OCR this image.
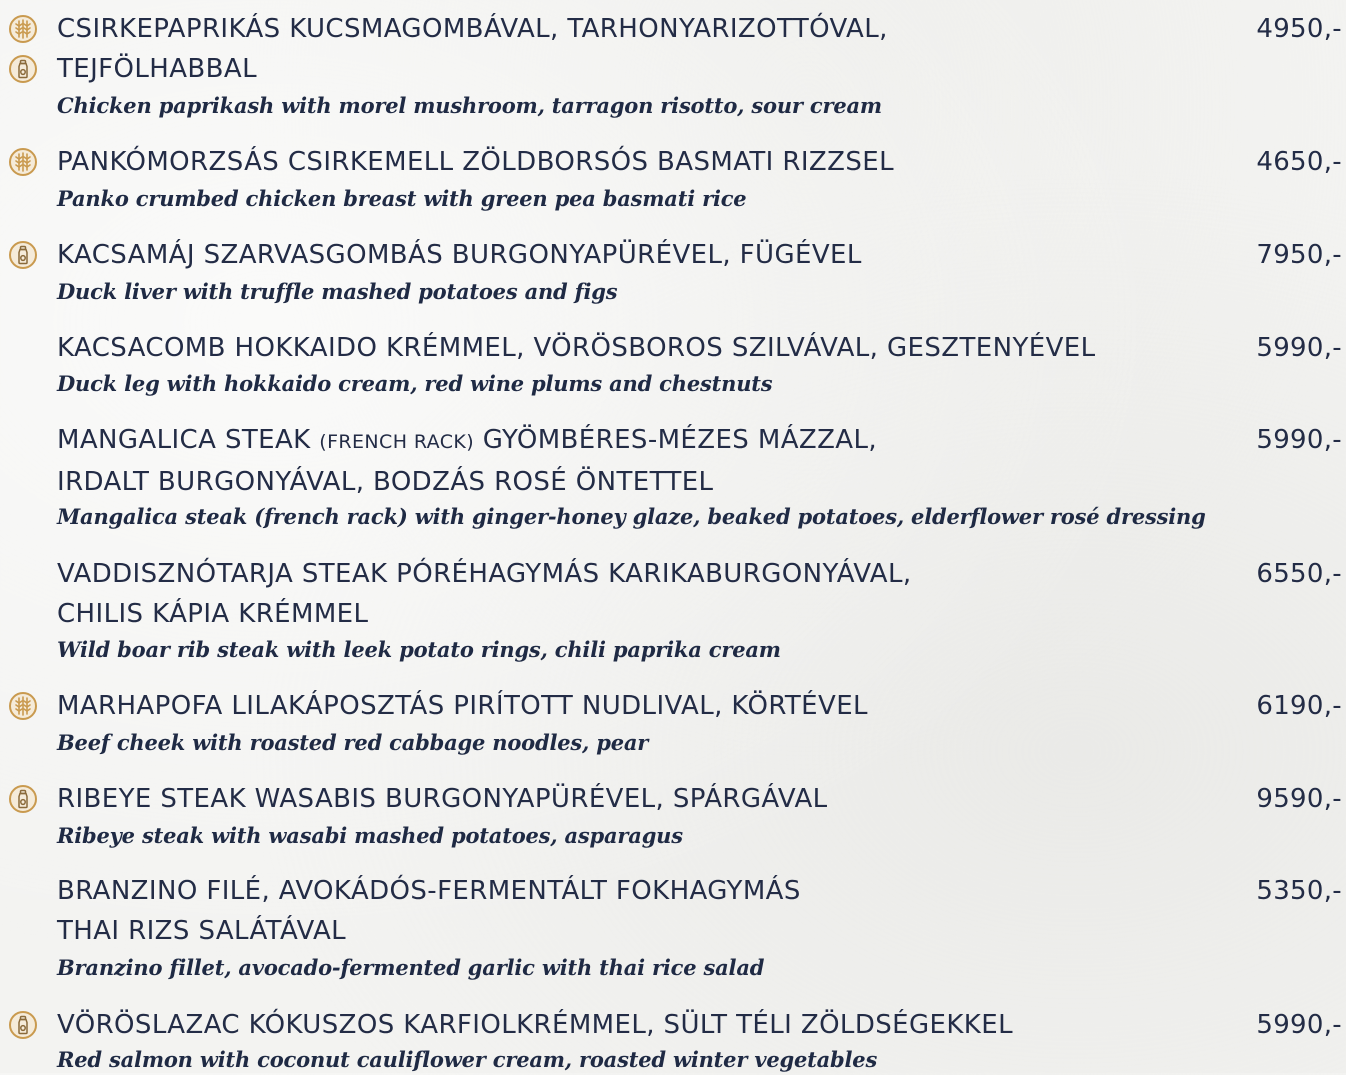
CSIRKEPAPRIKÁS KUCSMAGOMBÁVAL, TARHONYARIZOTTÓVAL,
TEJFÖLHABBAL
4950,-
Chicken paprikash with morel mushroom, tarragon risotto, sour cream
PANKÓMORZSÁS CSIRKEMELL ZÖLDBORSÓS BASMATI RIZZSEL	4650,-
Panko crumbed chicken breast with green pea basmati rice
KACSAMÁJ SZARVASGOMBÁS BURGONYAPÜRÉVEL, FÜGÉVEL	7950,-
Duck liver with truffle mashed potatoes and figs
KACSACOMB HOKKAIDO KRÉMMEL, VÖRÖSBOROS SZILVÁVAL, GESZTENYÉVEL	5990,-
Duck leg with hokkaido cream, red wine plums and chestnuts
MANGALICA STEAK (FRENCH RACK) GYÖMBÉRES-MÉZES MÁZZAL,
IRDALT BURGONYÁVAL, BODZÁS ROSÉ ÖNTETTEL
5990,-
Mangalica steak (french rack) with ginger-honey glaze, beaked potatoes, elderflower rosé dressing
VADDISZNÓTARJA STEAK PÓRÉHAGYMÁS KARIKABURGONYÁVAL,
CHILIS KÁPIA KRÉMMEL
6550,-
Wild boar rib steak with leek potato rings, chili paprika cream
MARHAPOFA LILAKÁPOSZTÁS PIRÍTOTT NUDLIVAL, KÖRTÉVEL	6190,-
Beef cheek with roasted red cabbage noodles, pear
RIBEYE STEAK WASABIS BURGONYAPÜRÉVEL, SPÁRGÁVAL	9590,-
Ribeye steak with wasabi mashed potatoes, asparagus
BRANZINO FILÉ, AVOKÁDÓS-FERMENTÁLT FOKHAGYMÁS
THAI RIZS SALÁTÁVAL
5350,-
Branzino fillet, avocado-fermented garlic with thai rice salad
VÖRÖSLAZAC KÓKUSZOS KARFIOLKRÉMMEL, SÜLT TÉLI ZÖLDSÉGEKKEL	5990,-
Red salmon with coconut cauliflower cream, roasted winter vegetables
